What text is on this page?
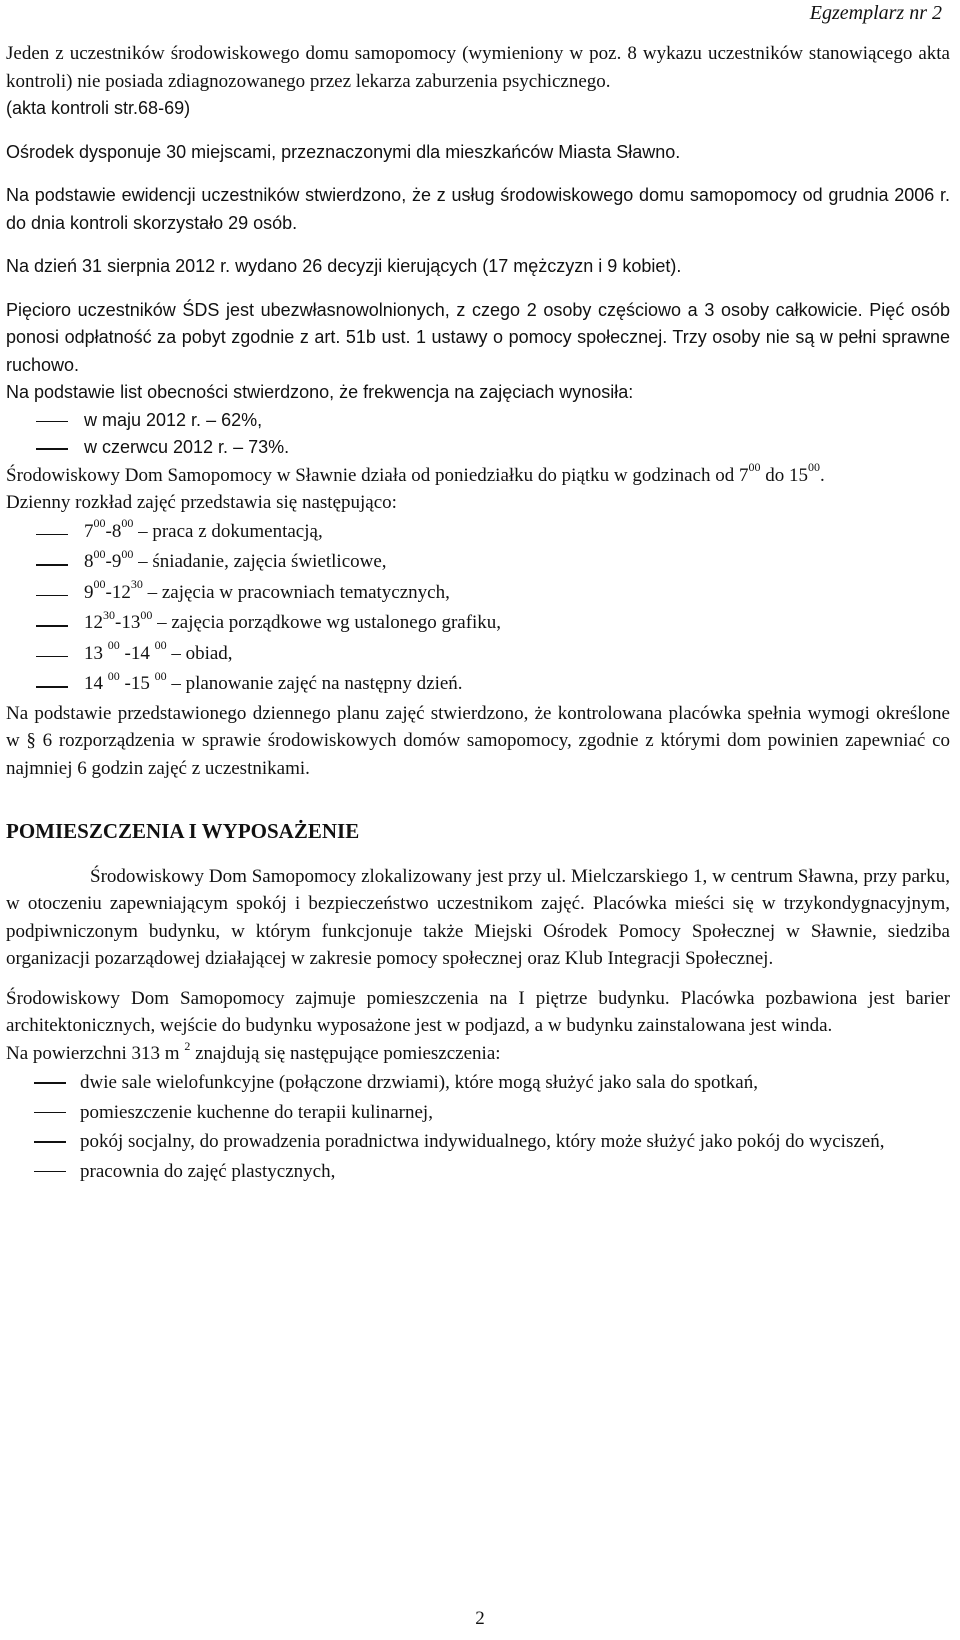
Egzemplarz nr 2

Jeden z uczestników środowiskowego domu samopomocy (wymieniony w poz. 8 wykazu uczestników stanowiącego akta kontroli) nie posiada zdiagnozowanego przez lekarza zaburzenia psychicznego.

(akta kontroli str.68-69)

Ośrodek dysponuje 30 miejscami, przeznaczonymi dla mieszkańców Miasta Sławno.

Na podstawie ewidencji uczestników stwierdzono, że z usług środowiskowego domu samopomocy od grudnia 2006 r. do dnia kontroli skorzystało 29 osób.

Na dzień 31 sierpnia 2012 r. wydano 26 decyzji kierujących (17 mężczyzn i 9 kobiet).

Pięcioro uczestników ŚDS jest ubezwłasnowolnionych, z czego 2 osoby częściowo a 3 osoby całkowicie. Pięć osób ponosi odpłatność za pobyt zgodnie z art. 51b ust. 1 ustawy o pomocy społecznej. Trzy osoby nie są w pełni sprawne ruchowo.

Na podstawie list obecności stwierdzono, że frekwencja na zajęciach wynosiła:

w maju 2012 r. – 62%,

w czerwcu 2012 r. – 73%.

Środowiskowy Dom Samopomocy w Sławnie działa od poniedziałku do piątku w godzinach od $7^{00}$ do $15^{00}$.

Dzienny rozkład zajęć przedstawia się następująco:

$7^{00}-8^{00}$ – praca z dokumentacją,

$8^{00}-9^{00}$ – śniadanie, zajęcia świetlicowe,

$9^{00}-12^{30}$ – zajęcia w pracowniach tematycznych,

$12^{30}-13^{00}$ – zajęcia porządkowe wg ustalonego grafiku,

13 $^{00}$ -14 $^{00}$ – obiad,

14 $^{00}$ -15 $^{00}$ – planowanie zajęć na następny dzień.

Na podstawie przedstawionego dziennego planu zajęć stwierdzono, że kontrolowana placówka spełnia wymogi określone w § 6 rozporządzenia w sprawie środowiskowych domów samopomocy, zgodnie z którymi dom powinien zapewniać co najmniej 6 godzin zajęć z uczestnikami.

POMIESZCZENIA I WYPOSAŻENIE

Środowiskowy Dom Samopomocy zlokalizowany jest przy ul. Mielczarskiego 1, w centrum Sławna, przy parku, w otoczeniu zapewniającym spokój i bezpieczeństwo uczestnikom zajęć. Placówka mieści się w trzykondygnacyjnym, podpiwniczonym budynku, w którym funkcjonuje także Miejski Ośrodek Pomocy Społecznej w Sławnie, siedziba organizacji pozarządowej działającej w zakresie pomocy społecznej oraz Klub Integracji Społecznej.

Środowiskowy Dom Samopomocy zajmuje pomieszczenia na I piętrze budynku. Placówka pozbawiona jest barier architektonicznych, wejście do budynku wyposażone jest w podjazd, a w budynku zainstalowana jest winda.

Na powierzchni 313 m $^2$ znajdują się następujące pomieszczenia:

dwie sale wielofunkcyjne (połączone drzwiami), które mogą służyć jako sala do spotkań,

pomieszczenie kuchenne do terapii kulinarnej,

pokój socjalny, do prowadzenia poradnictwa indywidualnego, który może służyć jako pokój do wyciszeń,

pracownia do zajęć plastycznych,

2
